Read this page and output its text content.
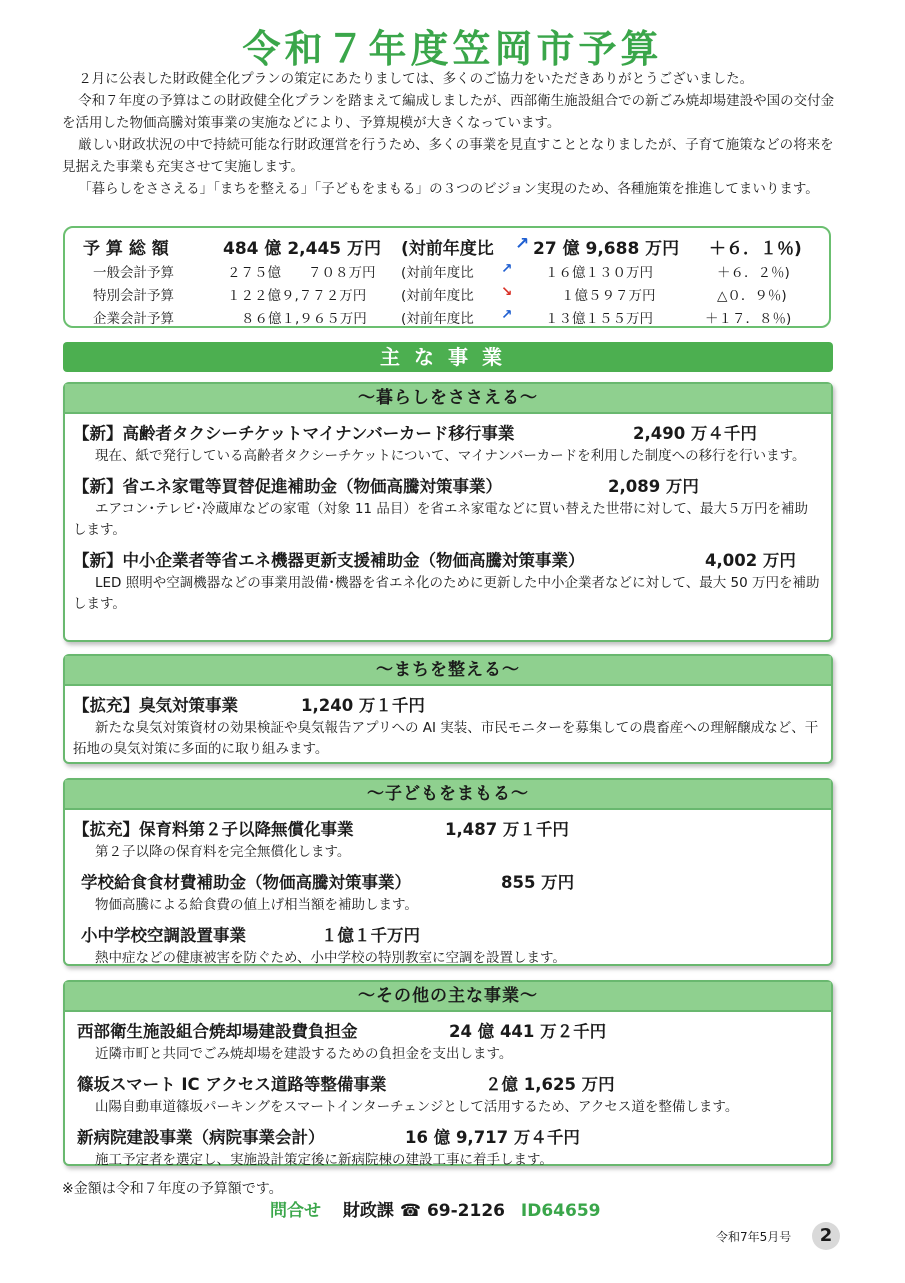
令和７年度笠岡市予算

２月に公表した財政健全化プランの策定にあたりましては、多くのご協力をいただきありがとうございました。

令和７年度の予算はこの財政健全化プランを踏まえて編成しましたが、西部衛生施設組合での新ごみ焼却場建設や国の交付金を活用した物価高騰対策事業の実施などにより、予算規模が大きくなっています。

厳しい財政状況の中で持続可能な行財政運営を行うため、多くの事業を見直すこととなりましたが、子育て施策などの将来を見据えた事業も充実させて実施します。

「暮らしをささえる」「まちを整える」「子どもをまもる」の３つのビジョン実現のため、各種施策を推進してまいります。

予 算 総 額	484 億 2,445 万円 (対前年度比 ↗ 27 億 9,688 万円 ＋６．１％)
一般会計予算	２７５億　　７０８万円 (対前年度比 ↗ １６億１３０万円	＋６．２％)
特別会計予算	１２２億９,７７２万円	(対前年度比 ↘	１億５９７万円	△０．９％)
企業会計予算	８６億１,９６５万円	(対前年度比 ↗ １３億１５５万円	＋１７．８％)
主な事業
〜暮らしをささえる〜
【新】高齢者タクシーチケットマイナンバーカード移行事業	2,490 万４千円
現在、紙で発行している高齢者タクシーチケットについて、マイナンバーカードを利用した制度への移行を行います。
【新】省エネ家電等買替促進補助金（物価高騰対策事業）	2,089 万円
エアコン･テレビ･冷蔵庫などの家電（対象 11 品目）を省エネ家電などに買い替えた世帯に対して、最大５万円を補助します。
【新】中小企業者等省エネ機器更新支援補助金（物価高騰対策事業）	4,002 万円
LED 照明や空調機器などの事業用設備･機器を省エネ化のために更新した中小企業者などに対して、最大 50 万円を補助します。
〜まちを整える〜
【拡充】臭気対策事業	1,240 万１千円
新たな臭気対策資材の効果検証や臭気報告アプリへの AI 実装、市民モニターを募集しての農畜産への理解醸成など、干拓地の臭気対策に多面的に取り組みます。
〜子どもをまもる〜
【拡充】保育料第２子以降無償化事業	1,487 万１千円
第２子以降の保育料を完全無償化します。
学校給食食材費補助金（物価高騰対策事業）	855 万円
物価高騰による給食費の値上げ相当額を補助します。
小中学校空調設置事業	１億１千万円
熱中症などの健康被害を防ぐため、小中学校の特別教室に空調を設置します。
〜その他の主な事業〜
西部衛生施設組合焼却場建設費負担金	24 億 441 万２千円
近隣市町と共同でごみ焼却場を建設するための負担金を支出します。
篠坂スマート IC アクセス道路等整備事業	２億 1,625 万円
山陽自動車道篠坂パーキングをスマートインターチェンジとして活用するため、アクセス道を整備します。
新病院建設事業（病院事業会計）	16 億 9,717 万４千円
施工予定者を選定し、実施設計策定後に新病院棟の建設工事に着手します。
※金額は令和７年度の予算額です。
問合せ 財政課 ☎ 69-2126 ID64659
令和7年5月号	2
